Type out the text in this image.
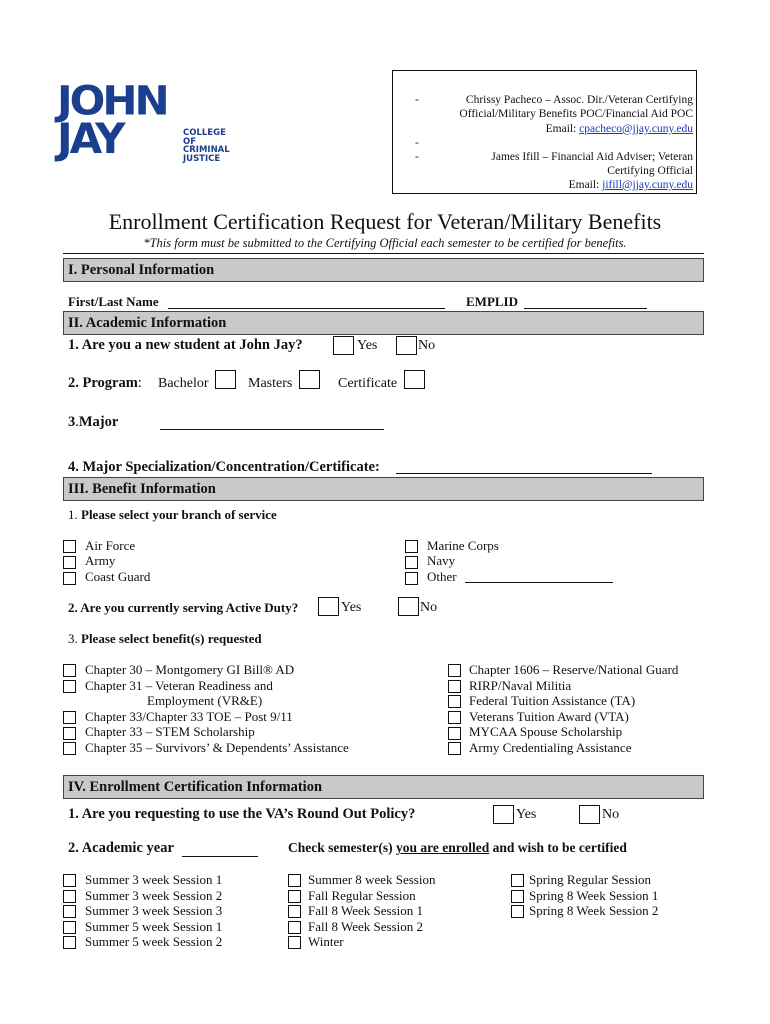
JOHN
JAY	COLLEGE
OF
CRIMINAL
JUSTICE
-	Chrissy Pacheco – Assoc. Dir./Veteran Certifying
Official/Military Benefits POC/Financial Aid POC
Email: cpacheco@jjay.cuny.edu
-
-	James Ifill – Financial Aid Adviser; Veteran
Certifying Official
Email: jifill@jjay.cuny.edu
Enrollment Certification Request for Veteran/Military Benefits
*This form must be submitted to the Certifying Official each semester to be certified for benefits.
I. Personal Information
First/Last Name	EMPLID
II. Academic Information
1. Are you a new student at John Jay?	Yes	No
2. Program: Bachelor	Masters	Certificate
3.Major
4. Major Specialization/Concentration/Certificate:
III. Benefit Information
1. Please select your branch of service
Air Force
Army
Coast Guard
Marine Corps
Navy
Other
2. Are you currently serving Active Duty?	Yes	No
3. Please select benefit(s) requested
Chapter 30 – Montgomery GI Bill® AD
Chapter 31 – Veteran Readiness and
Employment (VR&E)
Chapter 33/Chapter 33 TOE – Post 9/11
Chapter 33 – STEM Scholarship
Chapter 35 – Survivors’ & Dependents’ Assistance
Chapter 1606 – Reserve/National Guard
RIRP/Naval Militia
Federal Tuition Assistance (TA)
Veterans Tuition Award (VTA)
MYCAA Spouse Scholarship
Army Credentialing Assistance
IV. Enrollment Certification Information
1. Are you requesting to use the VA’s Round Out Policy?	Yes	No
2. Academic year	Check semester(s) you are enrolled and wish to be certified
Summer 3 week Session 1
Summer 3 week Session 2
Summer 3 week Session 3
Summer 5 week Session 1
Summer 5 week Session 2
Summer 8 week Session
Fall Regular Session
Fall 8 Week Session 1
Fall 8 Week Session 2
Winter
Spring Regular Session
Spring 8 Week Session 1
Spring 8 Week Session 2
